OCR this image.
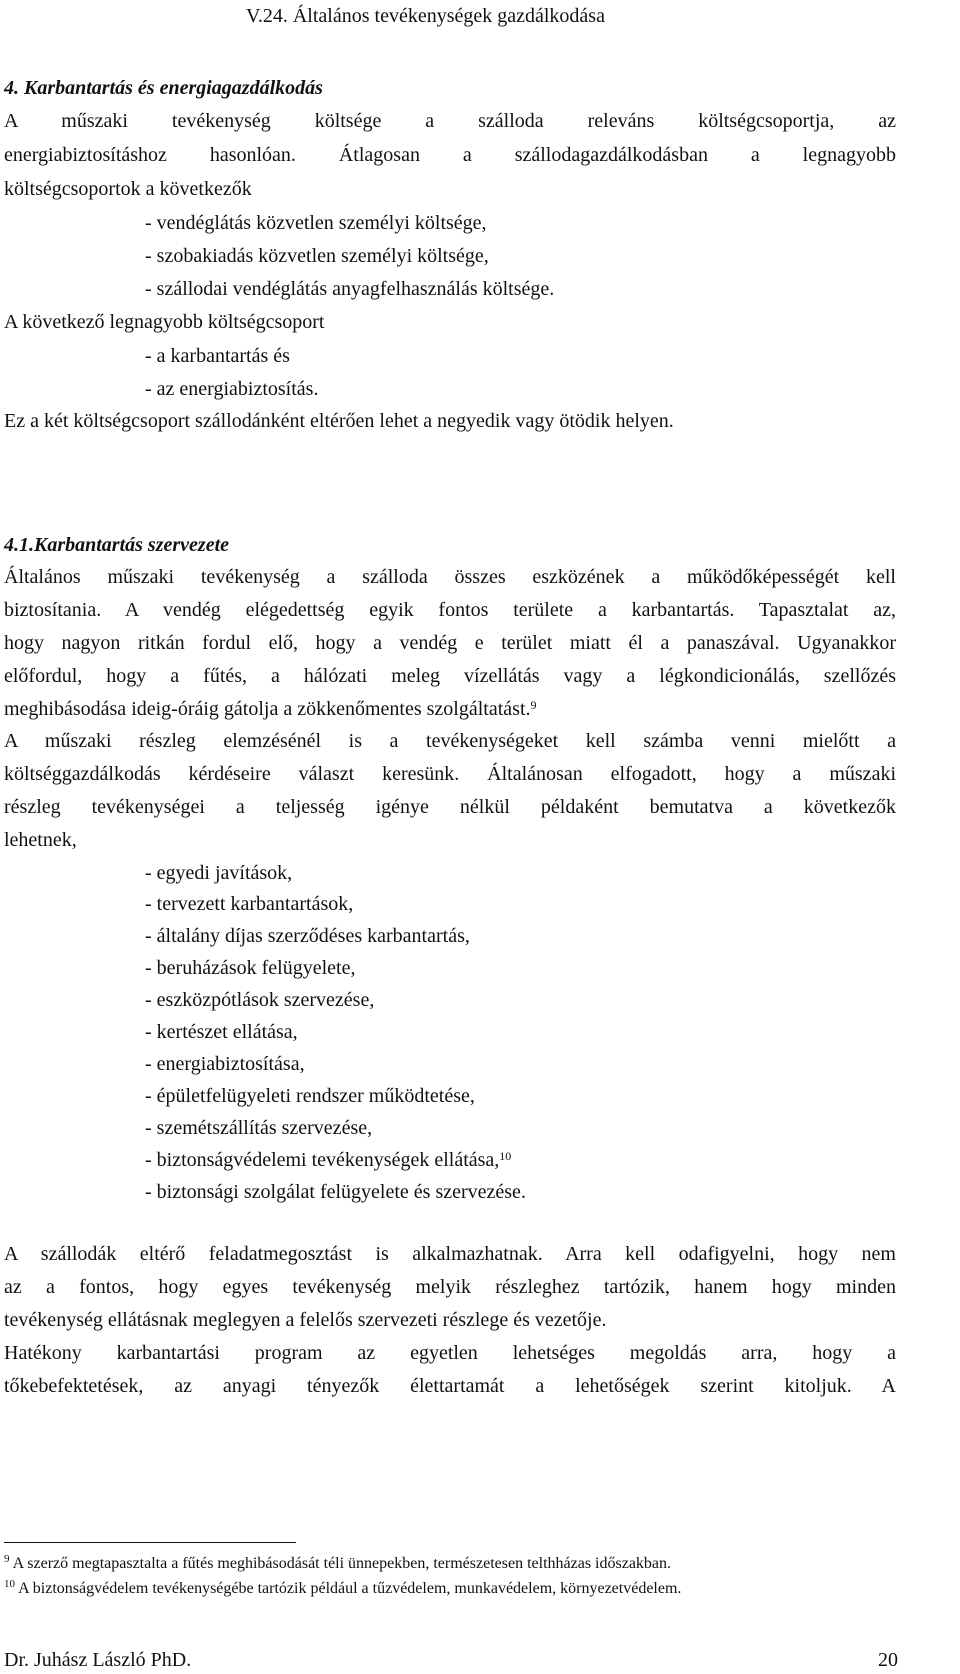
V.24. Általános tevékenységek gazdálkodása
4. Karbantartás és energiagazdálkodás
A műszaki tevékenység költsége a szálloda releváns költségcsoportja, az
energiabiztosításhoz hasonlóan. Átlagosan a szállodagazdálkodásban a legnagyobb
költségcsoportok a következők
- vendéglátás közvetlen személyi költsége,
- szobakiadás közvetlen személyi költsége,
- szállodai vendéglátás anyagfelhasználás költsége.
A következő legnagyobb költségcsoport
- a karbantartás és
- az energiabiztosítás.
Ez a két költségcsoport szállodánként eltérően lehet a negyedik vagy ötödik helyen.
4.1.Karbantartás szervezete
Általános műszaki tevékenység a szálloda összes eszközének a működőképességét kell
biztosítania. A vendég elégedettség egyik fontos területe a karbantartás. Tapasztalat az,
hogy nagyon ritkán fordul elő, hogy a vendég e terület miatt él a panaszával. Ugyanakkor
előfordul, hogy a fűtés, a hálózati meleg vízellátás vagy a légkondicionálás, szellőzés
meghibásodása ideig-óráig gátolja a zökkenőmentes szolgáltatást.$^9$
A műszaki részleg elemzésénél is a tevékenységeket kell számba venni mielőtt a
költséggazdálkodás kérdéseire választ keresünk. Általánosan elfogadott, hogy a műszaki
részleg tevékenységei a teljesség igénye nélkül példaként bemutatva a következők
lehetnek,
- egyedi javítások,
- tervezett karbantartások,
- általány díjas szerződéses karbantartás,
- beruházások felügyelete,
- eszközpótlások szervezése,
- kertészet ellátása,
- energiabiztosítása,
- épületfelügyeleti rendszer működtetése,
- szemétszállítás szervezése,
- biztonságvédelemi tevékenységek ellátása,$^{10}$
- biztonsági szolgálat felügyelete és szervezése.
A szállodák eltérő feladatmegosztást is alkalmazhatnak. Arra kell odafigyelni, hogy nem
az a fontos, hogy egyes tevékenység melyik részleghez tartózik, hanem hogy minden
tevékenység ellátásnak meglegyen a felelős szervezeti részlege és vezetője.
Hatékony karbantartási program az egyetlen lehetséges megoldás arra, hogy a
tőkebefektetések, az anyagi tényezők élettartamát a lehetőségek szerint kitoljuk. A
$^9$ A szerző megtapasztalta a fűtés meghibásodását téli ünnepekben, természetesen telthházas időszakban.
$^{10}$ A biztonságvédelem tevékenységébe tartózik például a tűzvédelem, munkavédelem, környezetvédelem.
Dr. Juhász László PhD.	20
